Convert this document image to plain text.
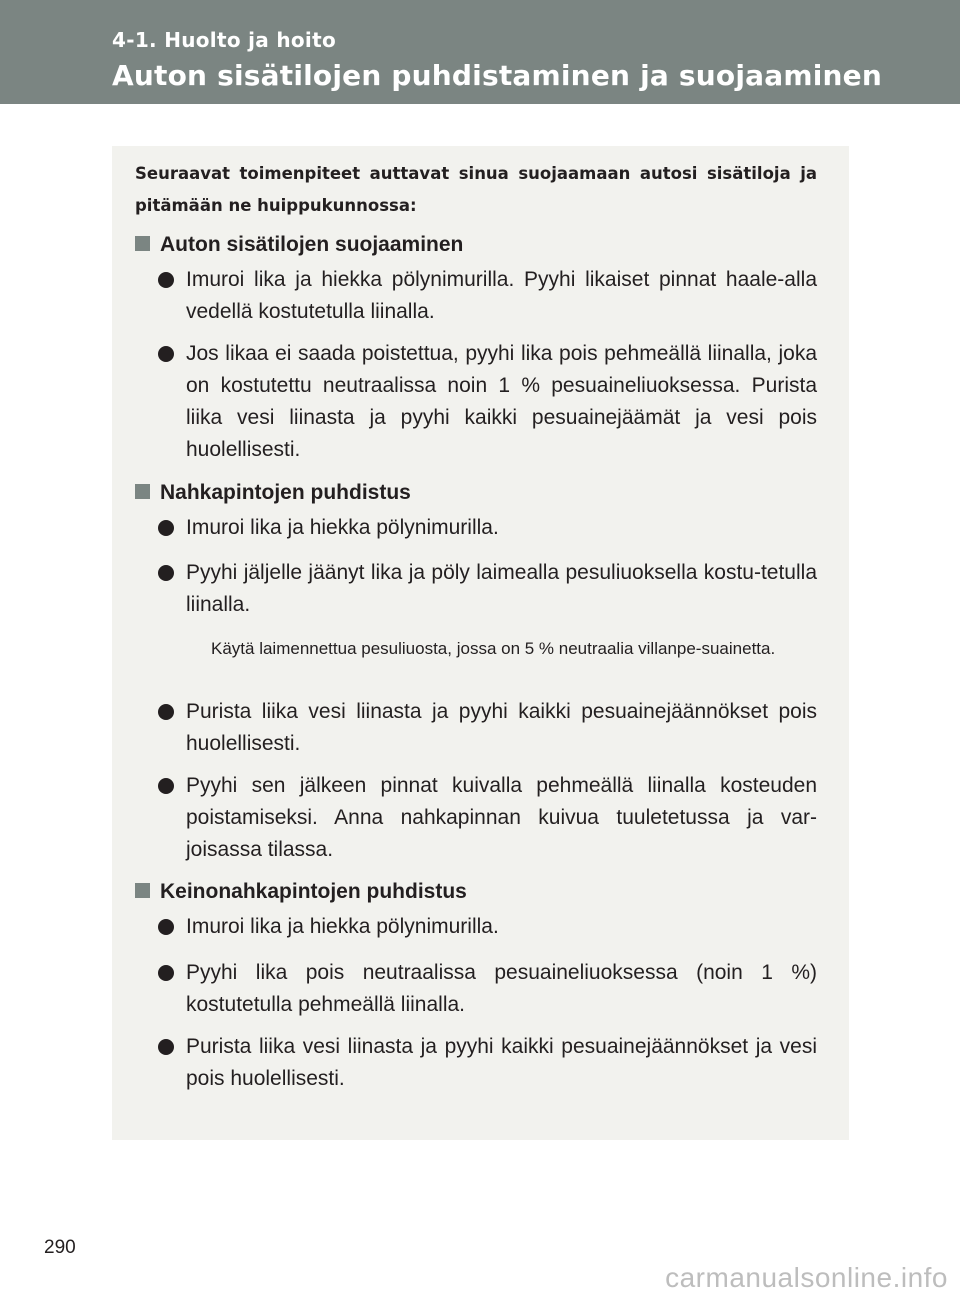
4-1. Huolto ja hoito
Auton sisätilojen puhdistaminen ja suojaaminen
Seuraavat toimenpiteet auttavat sinua suojaamaan autosi sisätiloja ja pitämään ne huippukunnossa:
Auton sisätilojen suojaaminen
Imuroi lika ja hiekka pölynimurilla. Pyyhi likaiset pinnat haale-alla vedellä kostutetulla liinalla.
Jos likaa ei saada poistettua, pyyhi lika pois pehmeällä liinalla, joka on kostutettu neutraalissa noin 1 % pesuaineliuoksessa. Purista liika vesi liinasta ja pyyhi kaikki pesuainejäämät ja vesi pois huolellisesti.
Nahkapintojen puhdistus
Imuroi lika ja hiekka pölynimurilla.
Pyyhi jäljelle jäänyt lika ja pöly laimealla pesuliuoksella kostu-tetulla liinalla.
Käytä laimennettua pesuliuosta, jossa on 5 % neutraalia villanpe-suainetta.
Purista liika vesi liinasta ja pyyhi kaikki pesuainejäännökset pois huolellisesti.
Pyyhi sen jälkeen pinnat kuivalla pehmeällä liinalla kosteuden poistamiseksi. Anna nahkapinnan kuivua tuuletetussa ja var-joisassa tilassa.
Keinonahkapintojen puhdistus
Imuroi lika ja hiekka pölynimurilla.
Pyyhi lika pois neutraalissa pesuaineliuoksessa (noin 1 %) kostutetulla pehmeällä liinalla.
Purista liika vesi liinasta ja pyyhi kaikki pesuainejäännökset ja vesi pois huolellisesti.
290
carmanualsonline.info
